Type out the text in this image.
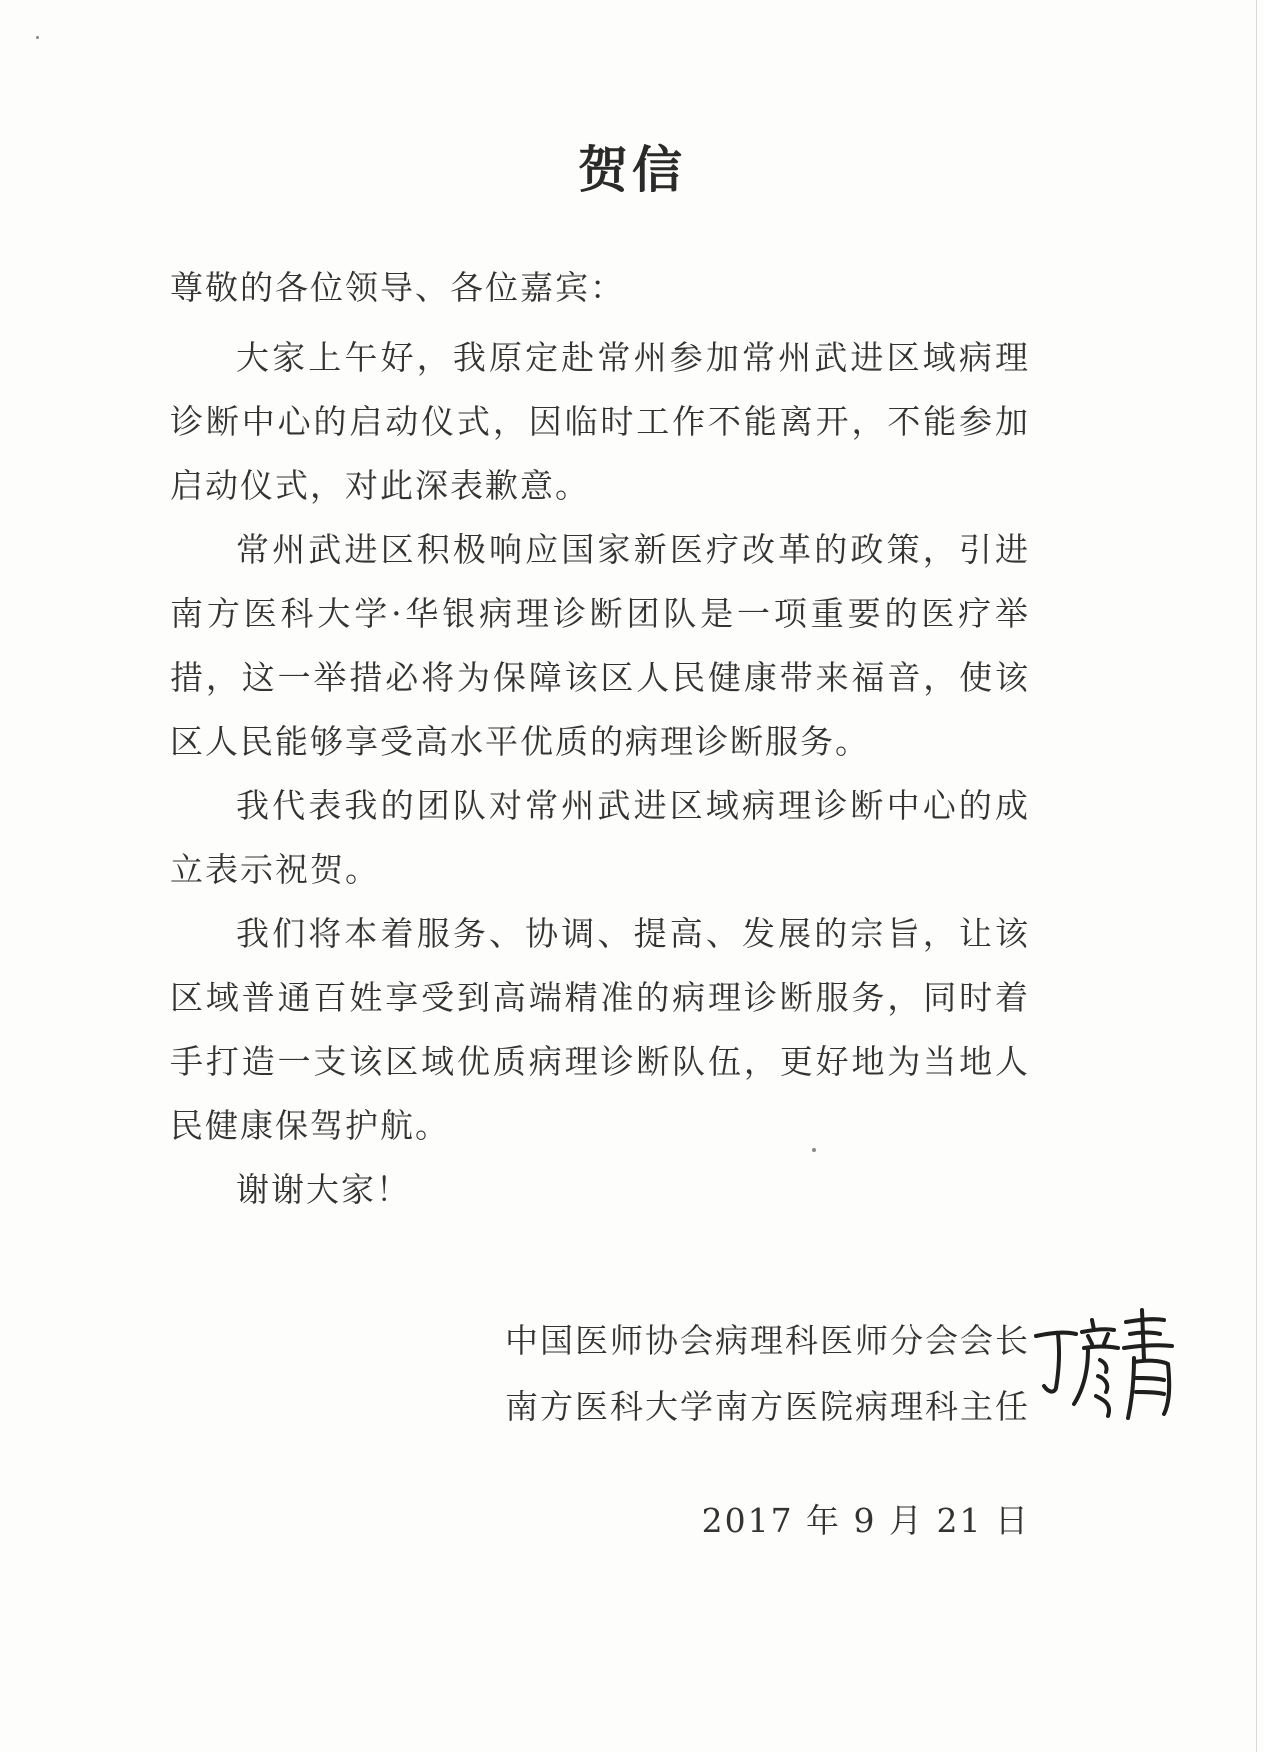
贺信
尊敬的各位领导、各位嘉宾：

大家上午好，我原定赴常州参加常州武进区域病理诊断中心的启动仪式，因临时工作不能离开，不能参加启动仪式，对此深表歉意。

常州武进区积极响应国家新医疗改革的政策，引进南方医科大学·华银病理诊断团队是一项重要的医疗举措，这一举措必将为保障该区人民健康带来福音，使该区人民能够享受高水平优质的病理诊断服务。

我代表我的团队对常州武进区域病理诊断中心的成立表示祝贺。

我们将本着服务、协调、提高、发展的宗旨，让该区域普通百姓享受到高端精准的病理诊断服务，同时着手打造一支该区域优质病理诊断队伍，更好地为当地人民健康保驾护航。

谢谢大家！

中国医师协会病理科医师分会会长
南方医科大学南方医院病理科主任
2017 年 9 月 21 日
